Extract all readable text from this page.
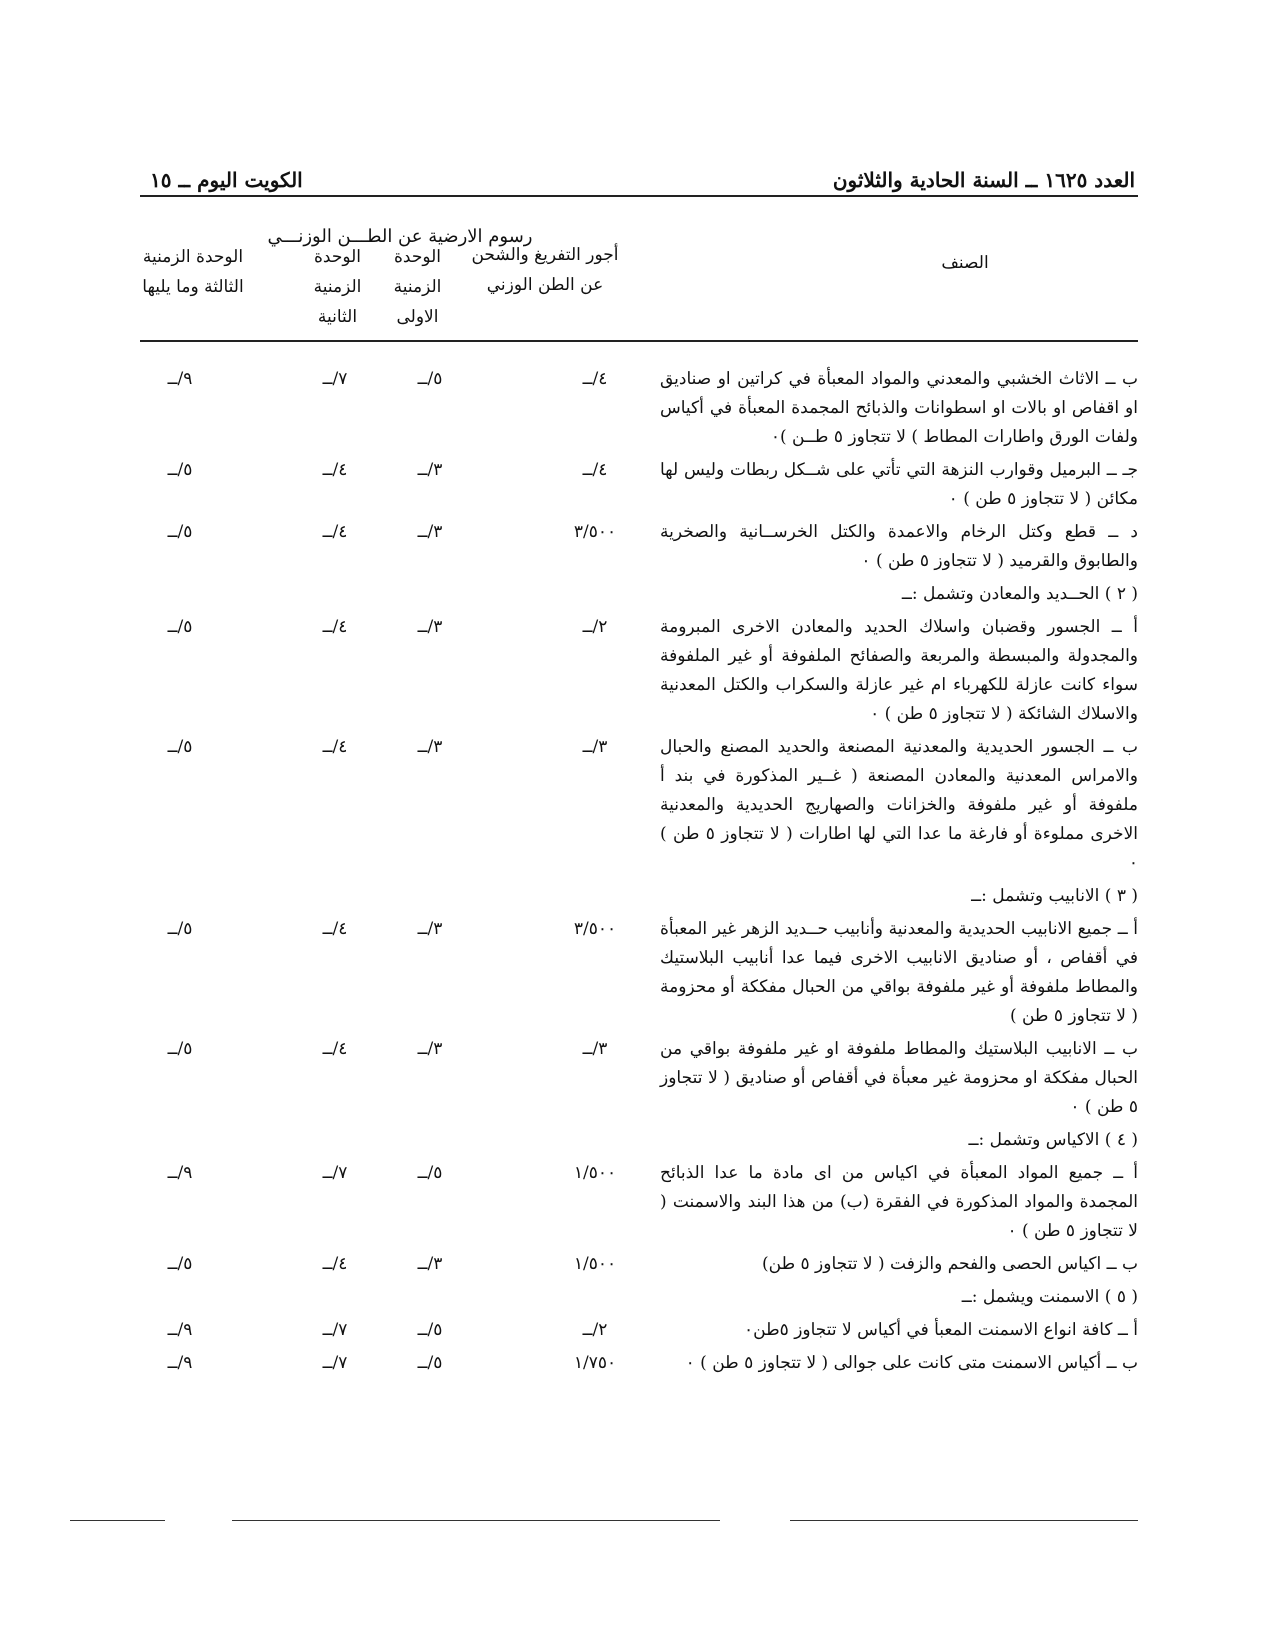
العدد ١٦٢٥ ــ السنة الحادية والثلاثون
الكويت اليوم ــ ١٥
رسوم الارضية عن الطـــن الوزنـــي
الصنف
أجور التفريغ والشحن عن الطن الوزني
الوحدة الزمنية الاولى
الوحدة الزمنية الثانية
الوحدة الزمنية الثالثة وما يليها
ب ــ الاثاث الخشبي والمعدني والمواد المعبأة في كراتين او صناديق او اقفاص او بالات او اسطوانات والذبائح المجمدة المعبأة في أكياس ولفات الورق واطارات المطاط ) لا تتجاوز ٥ طــن )٠
٤/ــ
٥/ــ
٧/ــ
٩/ــ
جـ ــ البرميل وقوارب النزهة التي تأتي على شــكل ربطات وليس لها مكائن ( لا تتجاوز ٥ طن ) ٠
٤/ــ
٣/ــ
٤/ــ
٥/ــ
د ــ قطع وكتل الرخام والاعمدة والكتل الخرســانية والصخرية والطابوق والقرميد ( لا تتجاوز ٥ طن ) ٠
٣/٥٠٠
٣/ــ
٤/ــ
٥/ــ
( ٢ ) الحــديد والمعادن وتشمل :ــ
أ ــ الجسور وقضبان واسلاك الحديد والمعادن الاخرى المبرومة والمجدولة والمبسطة والمربعة والصفائح الملفوفة أو غير الملفوفة سواء كانت عازلة للكهرباء ام غير عازلة والسكراب والكتل المعدنية والاسلاك الشائكة ( لا تتجاوز ٥ طن ) ٠
٢/ــ
٣/ــ
٤/ــ
٥/ــ
ب ــ الجسور الحديدية والمعدنية المصنعة والحديد المصنع والحبال والامراس المعدنية والمعادن المصنعة ( غــير المذكورة في بند أ ملفوفة أو غير ملفوفة والخزانات والصهاريج الحديدية والمعدنية الاخرى مملوءة أو فارغة ما عدا التي لها اطارات ( لا تتجاوز ٥ طن ) ٠
٣/ــ
٣/ــ
٤/ــ
٥/ــ
( ٣ ) الانابيب وتشمل :ــ
أ ــ جميع الانابيب الحديدية والمعدنية وأنابيب حــديد الزهر غير المعبأة في أقفاص ، أو صناديق الانابيب الاخرى فيما عدا أنابيب البلاستيك والمطاط ملفوفة أو غير ملفوفة بواقي من الحبال مفككة أو محزومة ( لا تتجاوز ٥ طن )
٣/٥٠٠
٣/ــ
٤/ــ
٥/ــ
ب ــ الانابيب البلاستيك والمطاط ملفوفة او غير ملفوفة بواقي من الحبال مفككة او محزومة غير معبأة في أقفاص أو صناديق ( لا تتجاوز ٥ طن ) ٠
٣/ــ
٣/ــ
٤/ــ
٥/ــ
( ٤ ) الاكياس وتشمل :ــ
أ ــ جميع المواد المعبأة في اكياس من اى مادة ما عدا الذبائح المجمدة والمواد المذكورة في الفقرة (ب) من هذا البند والاسمنت ( لا تتجاوز ٥ طن ) ٠
١/٥٠٠
٥/ــ
٧/ــ
٩/ــ
ب ــ اكياس الحصى والفحم والزفت ( لا تتجاوز ٥ طن)
١/٥٠٠
٣/ــ
٤/ــ
٥/ــ
( ٥ ) الاسمنت ويشمل :ــ
أ ــ كافة انواع الاسمنت المعبأ في أكياس لا تتجاوز ٥طن٠
٢/ــ
٥/ــ
٧/ــ
٩/ــ
ب ــ أكياس الاسمنت متى كانت على جوالى ( لا تتجاوز ٥ طن ) ٠
١/٧٥٠
٥/ــ
٧/ــ
٩/ــ
